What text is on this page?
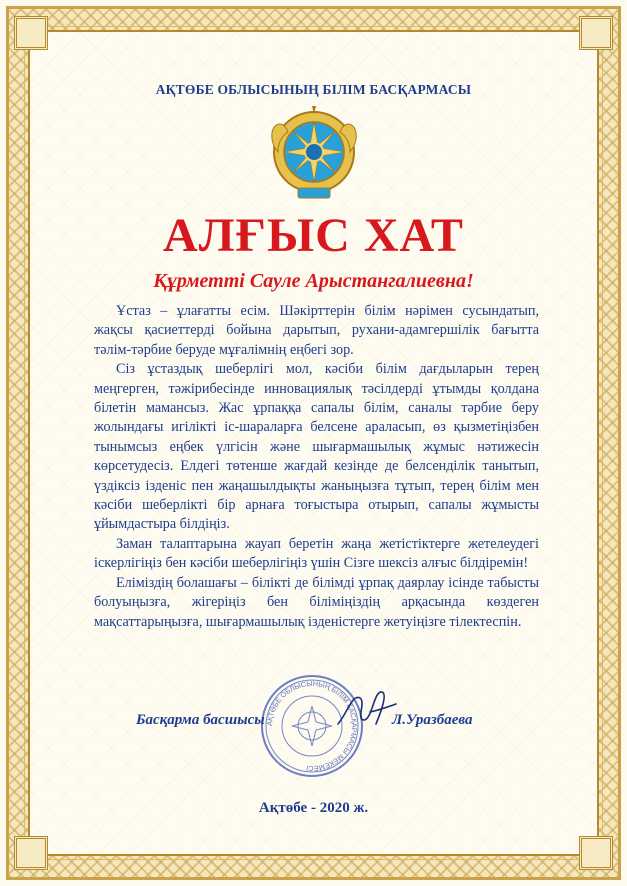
АҚТӨБЕ ОБЛЫСЫНЫҢ БІЛІМ БАСҚАРМАСЫ
АЛҒЫС ХАТ
Құрметті Сауле Арыстангалиевна!

Ұстаз – ұлағатты есім. Шәкірттерін білім нәрімен сусындатып, жақсы қасиеттерді бойына дарытып, рухани-адамгершілік бағытта тәлім-тәрбие беруде мұғалімнің еңбегі зор.

Сіз ұстаздық шеберлігі мол, кәсіби білім дағдыларын терең меңгерген, тәжірибесінде инновациялық тәсілдерді ұтымды қолдана білетін мамансыз. Жас ұрпаққа сапалы білім, саналы тәрбие беру жолындағы игілікті іс-шараларға белсене араласып, өз қызметіңізбен тынымсыз еңбек үлгісін және шығармашылық жұмыс нәтижесін көрсетудесіз. Елдегі төтенше жағдай кезінде де белсенділік танытып, үздіксіз ізденіс пен жаңашылдықты жаныңызға тұтып, терең білім мен кәсіби шеберлікті бір арнаға тоғыстыра отырып, сапалы жұмысты ұйымдастыра білдіңіз.

Заман талаптарына жауап беретін жаңа жетістіктерге жетелеудегі іскерлігіңіз бен кәсіби шеберлігіңіз үшін Сізге шексіз алғыс білдіремін!

Еліміздің болашағы – білікті де білімді ұрпақ даярлау ісінде табысты болуыңызға, жігеріңіз бен біліміңіздің арқасында көздеген мақсаттарыңызға, шығармашылық ізденістерге жетуіңізге тілектеспін.

АҚТӨБЕ ОБЛЫСЫНЫҢ БІЛІМ БАСҚАРМАСЫ МЕКЕМЕСІ
Басқарма басшысы	Л.Уразбаева
Ақтөбе - 2020 ж.
